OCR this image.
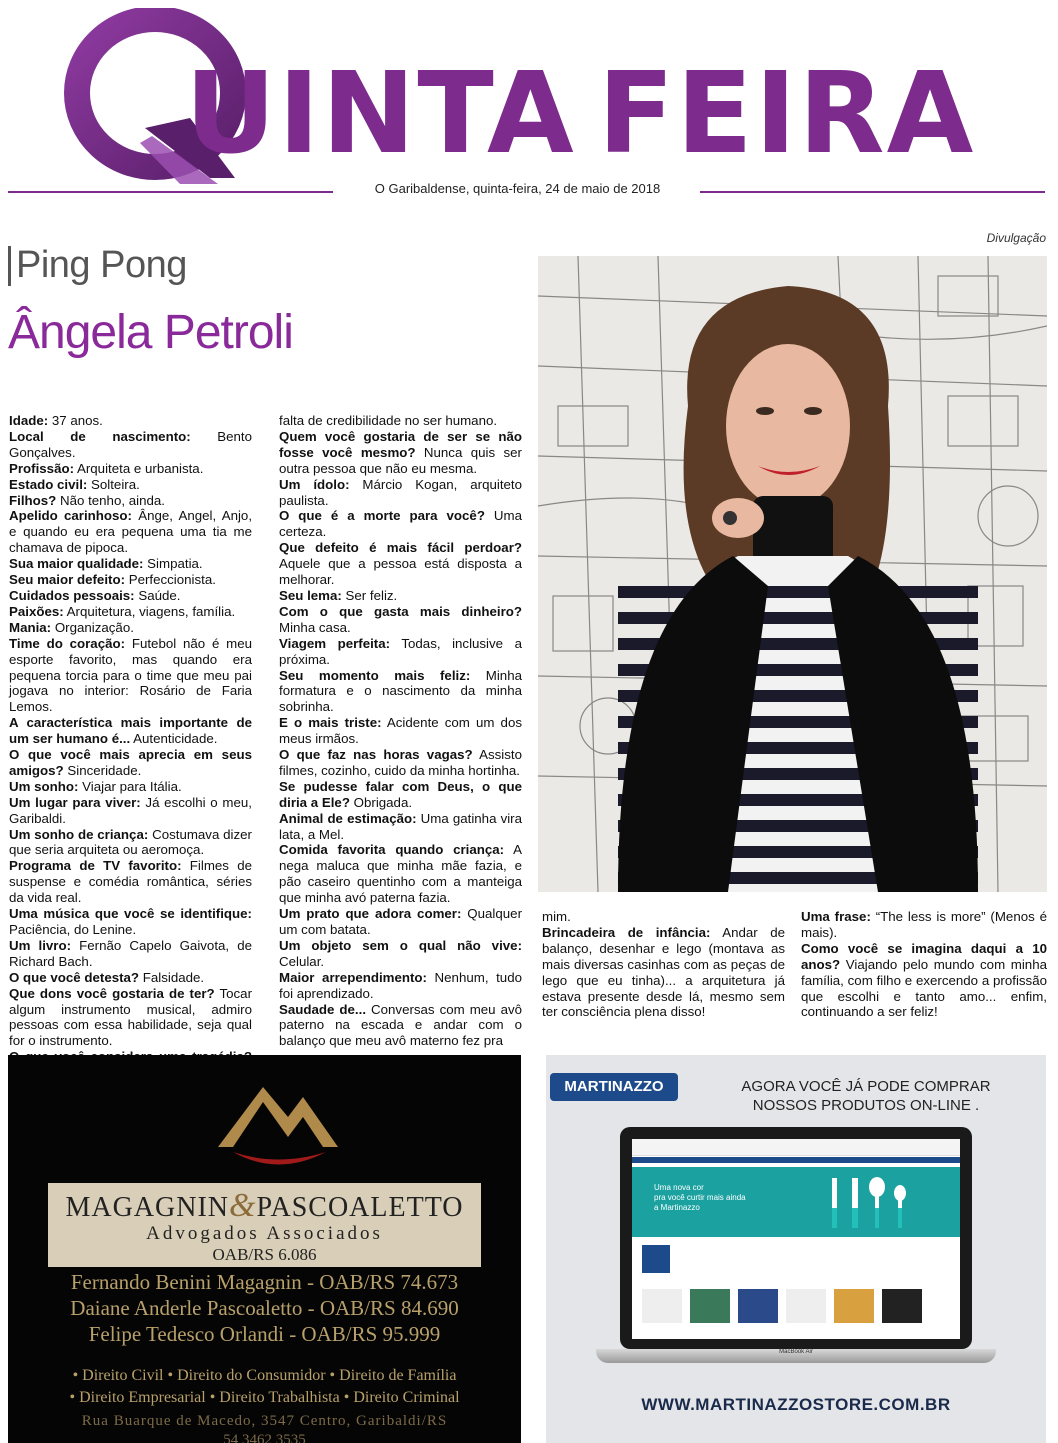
UINTA FEIRA
O Garibaldense, quinta-feira, 24 de maio de 2018
Divulgação
Ping Pong
Ângela Petroli

Idade: 37 anos.

Local de nascimento: Bento Gonçalves.

Profissão: Arquiteta e urbanista.

Estado civil: Solteira.

Filhos? Não tenho, ainda.

Apelido carinhoso: Ânge, Angel, Anjo, e quando eu era pequena uma tia me chamava de pipoca.

Sua maior qualidade: Simpatia.

Seu maior defeito: Perfeccionista.

Cuidados pessoais: Saúde.

Paixões: Arquitetura, viagens, família.

Mania: Organização.

Time do coração: Futebol não é meu esporte favorito, mas quando era pequena torcia para o time que meu pai jogava no interior: Rosário de Faria Lemos.

A característica mais importante de um ser humano é... Autenticidade.

O que você mais aprecia em seus amigos? Sinceridade.

Um sonho: Viajar para Itália.

Um lugar para viver: Já escolhi o meu, Garibaldi.

Um sonho de criança: Costumava dizer que seria arquiteta ou aeromoça.

Programa de TV favorito: Filmes de suspense e comédia romântica, séries da vida real.

Uma música que você se identifique: Paciência, do Lenine.

Um livro: Fernão Capelo Gaivota, de Richard Bach.

O que você detesta? Falsidade.

Que dons você gostaria de ter? Tocar algum instrumento musical, admiro pessoas com essa habilidade, seja qual for o instrumento.

falta de credibilidade no ser humano.

Quem você gostaria de ser se não fosse você mesmo? Nunca quis ser outra pessoa que não eu mesma.

Um ídolo: Márcio Kogan, arquiteto paulista.

O que é a morte para você? Uma certeza.

Que defeito é mais fácil perdoar? Aquele que a pessoa está disposta a melhorar.

Seu lema: Ser feliz.

Com o que gasta mais dinheiro? Minha casa.

Viagem perfeita: Todas, inclusive a próxima.

Seu momento mais feliz: Minha formatura e o nascimento da minha sobrinha.

E o mais triste: Acidente com um dos meus irmãos.

O que faz nas horas vagas? Assisto filmes, cozinho, cuido da minha hortinha.

Se pudesse falar com Deus, o que diria a Ele? Obrigada.

Animal de estimação: Uma gatinha vira lata, a Mel.

Comida favorita quando criança: A nega maluca que minha mãe fazia, e pão caseiro quentinho com a manteiga que minha avó paterna fazia.

Um prato que adora comer: Qualquer um com batata.

Um objeto sem o qual não vive: Celular.

Maior arrependimento: Nenhum, tudo foi aprendizado.

Saudade de... Conversas com meu avô paterno na escada e andar com o balanço que meu avô materno fez pra

mim.

Brincadeira de infância: Andar de balanço, desenhar e lego (montava as mais diversas casinhas com as peças de lego que eu tinha)... a arquitetura já estava presente desde lá, mesmo sem ter consciência plena disso!

Uma frase: “The less is more” (Menos é mais).

Como você se imagina daqui a 10 anos? Viajando pelo mundo com minha família, com filho e exercendo a profissão que escolhi e tanto amo... enfim, continuando a ser feliz!

MAGAGNIN&PASCOALETTO
Advogados Associados
OAB/RS 6.086
Fernando Benini Magagnin - OAB/RS 74.673
Daiane Anderle Pascoaletto - OAB/RS 84.690
Felipe Tedesco Orlandi - OAB/RS 95.999
• Direito Civil • Direito do Consumidor • Direito de Família
• Direito Empresarial • Direito Trabalhista • Direito Criminal
Rua Buarque de Macedo, 3547 Centro, Garibaldi/RS
54 3462 3535
MARTINAZZO	AGORA VOCÊ JÁ PODE COMPRAR
NOSSOS PRODUTOS ON-LINE .
Uma nova cor
pra você curtir mais ainda
a Martinazzo
MacBook Air
WWW.MARTINAZZOSTORE.COM.BR
